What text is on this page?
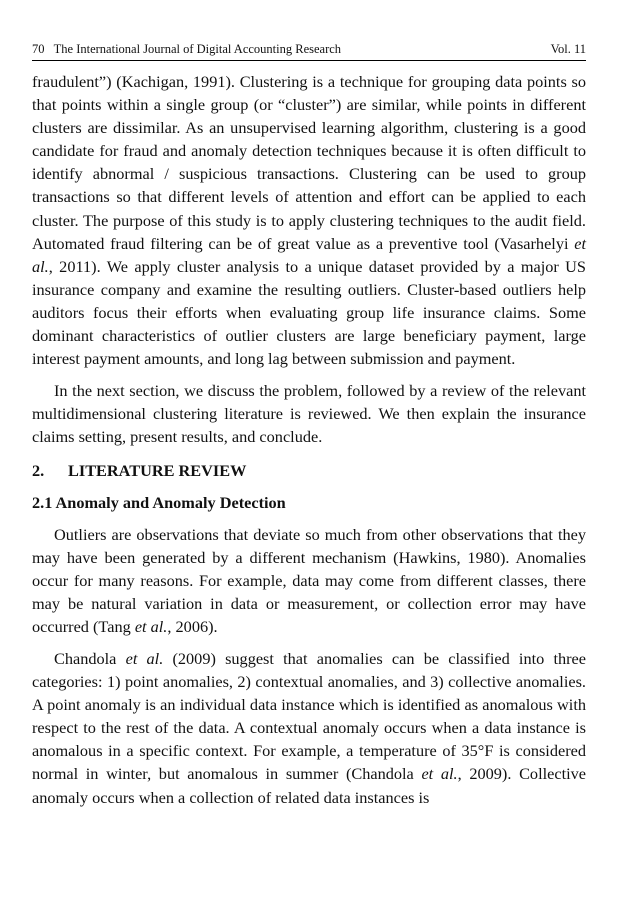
70   The International Journal of Digital Accounting Research	Vol. 11

fraudulent”) (Kachigan, 1991). Clustering is a technique for grouping data points so that points within a single group (or “cluster”) are similar, while points in different clusters are dissimilar. As an unsupervised learning algorithm, clustering is a good candidate for fraud and anomaly detection techniques because it is often difficult to identify abnormal / suspicious transactions. Clustering can be used to group transactions so that different levels of attention and effort can be applied to each cluster. The purpose of this study is to apply clustering techniques to the audit field. Automated fraud filtering can be of great value as a preventive tool (Vasarhelyi et al., 2011). We apply cluster analysis to a unique dataset provided by a major US insurance company and examine the resulting outliers. Cluster-based outliers help auditors focus their efforts when evaluating group life insurance claims. Some dominant characteristics of outlier clusters are large beneficiary payment, large interest payment amounts, and long lag between submission and payment.

In the next section, we discuss the problem, followed by a review of the relevant multidimensional clustering literature is reviewed. We then explain the insurance claims setting, present results, and conclude.

2. LITERATURE REVIEW
2.1 Anomaly and Anomaly Detection

Outliers are observations that deviate so much from other observations that they may have been generated by a different mechanism (Hawkins, 1980). Anomalies occur for many reasons. For example, data may come from different classes, there may be natural variation in data or measurement, or collection error may have occurred (Tang et al., 2006).

Chandola et al. (2009) suggest that anomalies can be classified into three categories: 1) point anomalies, 2) contextual anomalies, and 3) collective anomalies. A point anomaly is an individual data instance which is identified as anomalous with respect to the rest of the data. A contextual anomaly occurs when a data instance is anomalous in a specific context. For example, a temperature of 35°F is considered normal in winter, but anomalous in summer (Chandola et al., 2009). Collective anomaly occurs when a collection of related data instances is
